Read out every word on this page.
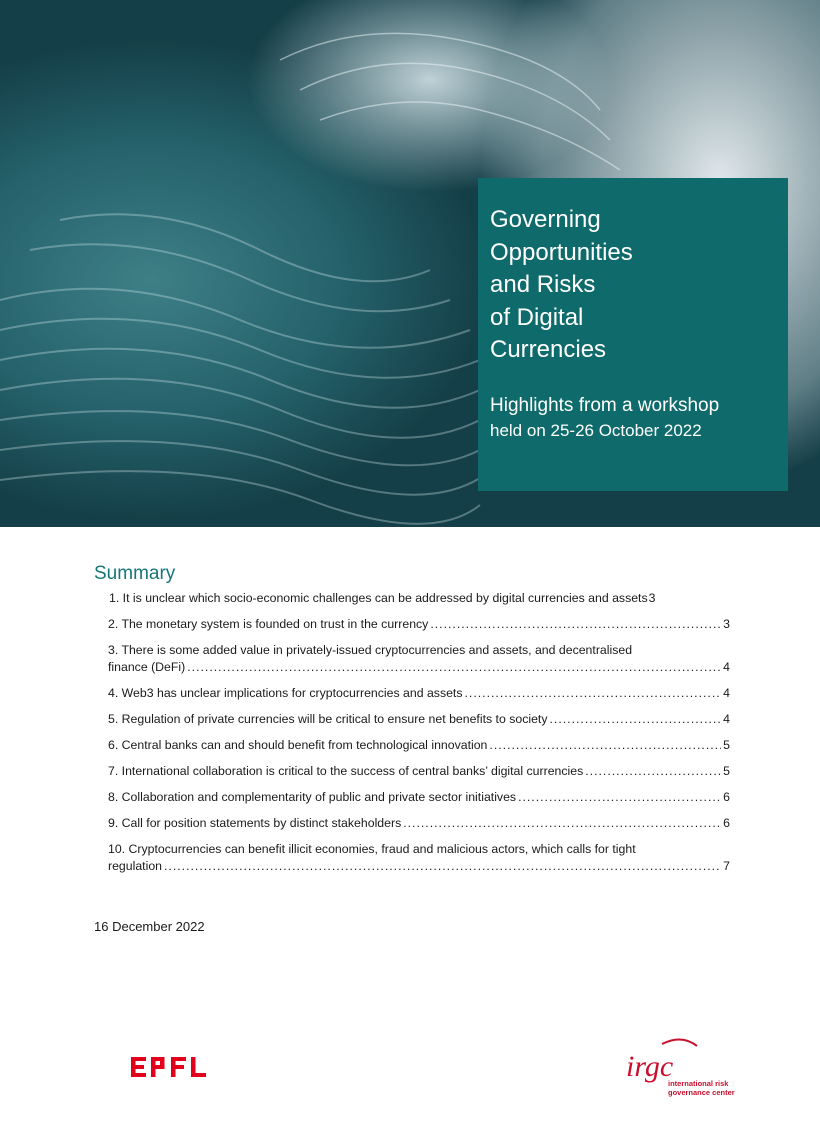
Governing
Opportunities
and Risks
of Digital
Currencies
Highlights from a workshop
held on 25-26 October 2022
Summary
1. It is unclear which socio-economic challenges can be addressed by digital currencies and assets 3
2. The monetary system is founded on trust in the currency .....	3
3. There is some added value in privately-issued cryptocurrencies and assets, and decentralised
finance (DeFi) .....	4
4. Web3 has unclear implications for cryptocurrencies and assets .....	4
5. Regulation of private currencies will be critical to ensure net benefits to society .....	4
6. Central banks can and should benefit from technological innovation .....	5
7. International collaboration is critical to the success of central banks’ digital currencies .....	5
8. Collaboration and complementarity of public and private sector initiatives .....	6
9. Call for position statements by distinct stakeholders .....	6
10. Cryptocurrencies can benefit illicit economies, fraud and malicious actors, which calls for tight
regulation .....	7
16 December 2022
EPFL	irgc
international risk
governance center
